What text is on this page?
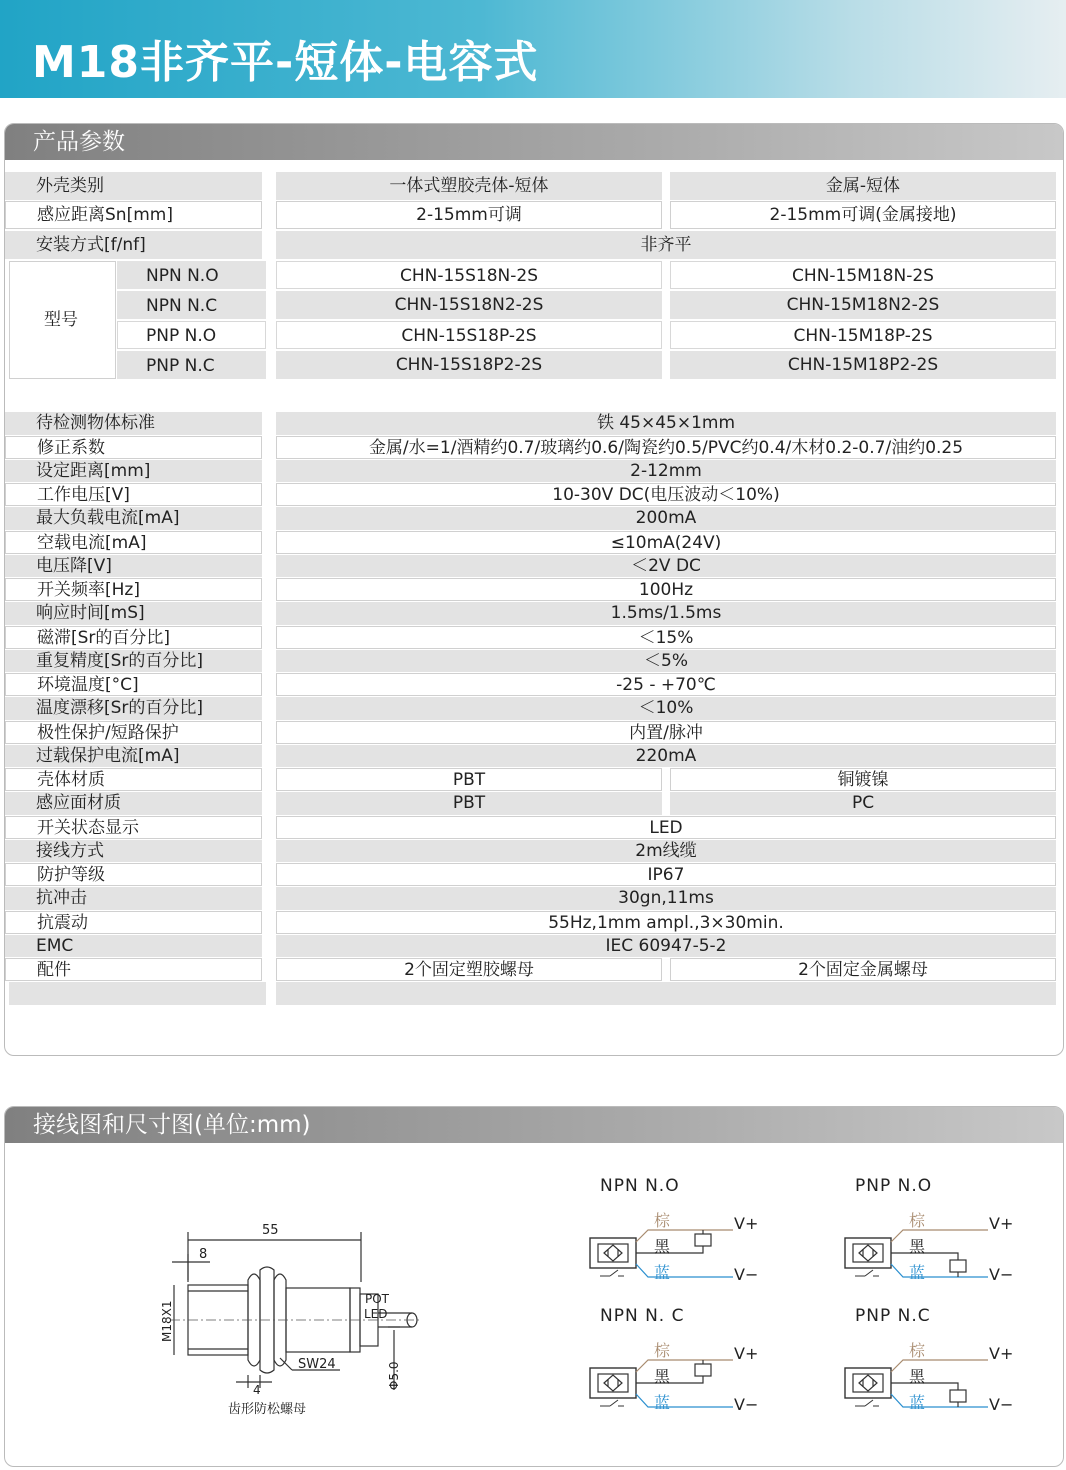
M18非齐平-短体-电容式
产品参数
外壳类别	一体式塑胶壳体-短体	金属-短体
感应距离Sn[mm]	2-15mm可调	2-15mm可调(金属接地)
安装方式[f/nf]	非齐平
型号
NPN N.O	CHN-15S18N-2S	CHN-15M18N-2S
NPN N.C	CHN-15S18N2-2S	CHN-15M18N2-2S
PNP N.O	CHN-15S18P-2S	CHN-15M18P-2S
PNP N.C	CHN-15S18P2-2S	CHN-15M18P2-2S
待检测物体标准	铁 45×45×1mm
修正系数	金属/水=1/酒精约0.7/玻璃约0.6/陶瓷约0.5/PVC约0.4/木材0.2-0.7/油约0.25
设定距离[mm]	2-12mm
工作电压[V]	10-30V DC(电压波动＜10%)
最大负载电流[mA]	200mA
空载电流[mA]	≤10mA(24V)
电压降[V]	＜2V DC
开关频率[Hz]	100Hz
响应时间[mS]	1.5ms/1.5ms
磁滞[Sr的百分比]	＜15%
重复精度[Sr的百分比]	＜5%
环境温度[°C]	-25 - +70℃
温度漂移[Sr的百分比]	＜10%
极性保护/短路保护	内置/脉冲
过载保护电流[mA]	220mA
壳体材质	PBT	铜镀镍
感应面材质	PBT	PC
开关状态显示	LED
接线方式	2m线缆
防护等级	IP67
抗冲击	30gn,11ms
抗震动	55Hz,1mm ampl.,3×30min.
EMC	IEC 60947-5-2
配件	2个固定塑胶螺母	2个固定金属螺母
接线图和尺寸图(单位:mm)
55
8
M18X1
POT
LED
SW24
4	Φ5.0
齿形防松螺母
NPN N.O
棕
黑
蓝
V+
V−
PNP N.O
棕
黑
蓝
V+
V−
NPN N. C
棕
黑
蓝
V+
V−
PNP N.C
棕
黑
蓝
V+
V−
